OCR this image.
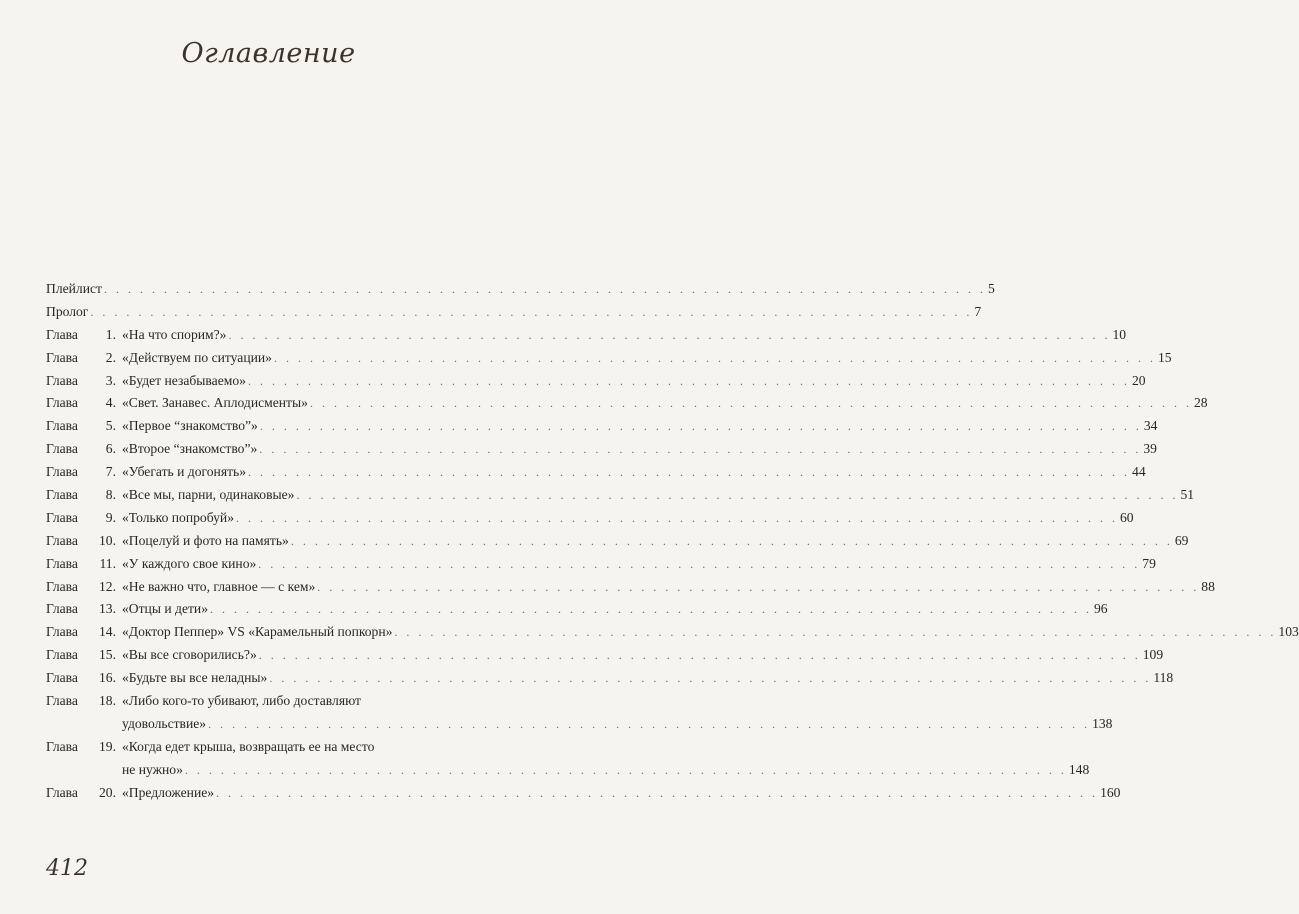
Оглавление
Плейлист . . .	5
Пролог . . .	7
Глава	1. «На что спорим?» . . .	10
Глава	2. «Действуем по ситуации» . . .	15
Глава	3. «Будет незабываемо» . . .	20
Глава	4. «Свет. Занавес. Аплодисменты» . . .	28
Глава	5. «Первое “знакомство”» . . .	34
Глава	6. «Второе “знакомство”» . . .	39
Глава	7. «Убегать и догонять» . . .	44
Глава	8. «Все мы, парни, одинаковые» . . .	51
Глава	9. «Только попробуй» . . .	60
Глава	10. «Поцелуй и фото на память» . . .	69
Глава	11. «У каждого свое кино» . . .	79
Глава	12. «Не важно что, главное — с кем» . . .	88
Глава	13. «Отцы и дети» . . .	96
Глава	14. «Доктор Пеппер» VS «Карамельный попкорн» . . .	103
Глава	15. «Вы все сговорились?» . . .	109
Глава	16. «Будьте вы все неладны» . . .	118
Глава	18. «Либо кого-то убивают, либо доставляют
удовольствие» . . .	138
Глава	19. «Когда едет крыша, возвращать ее на место
не нужно» . . .	148
Глава	20. «Предложение» . . .	160
412
